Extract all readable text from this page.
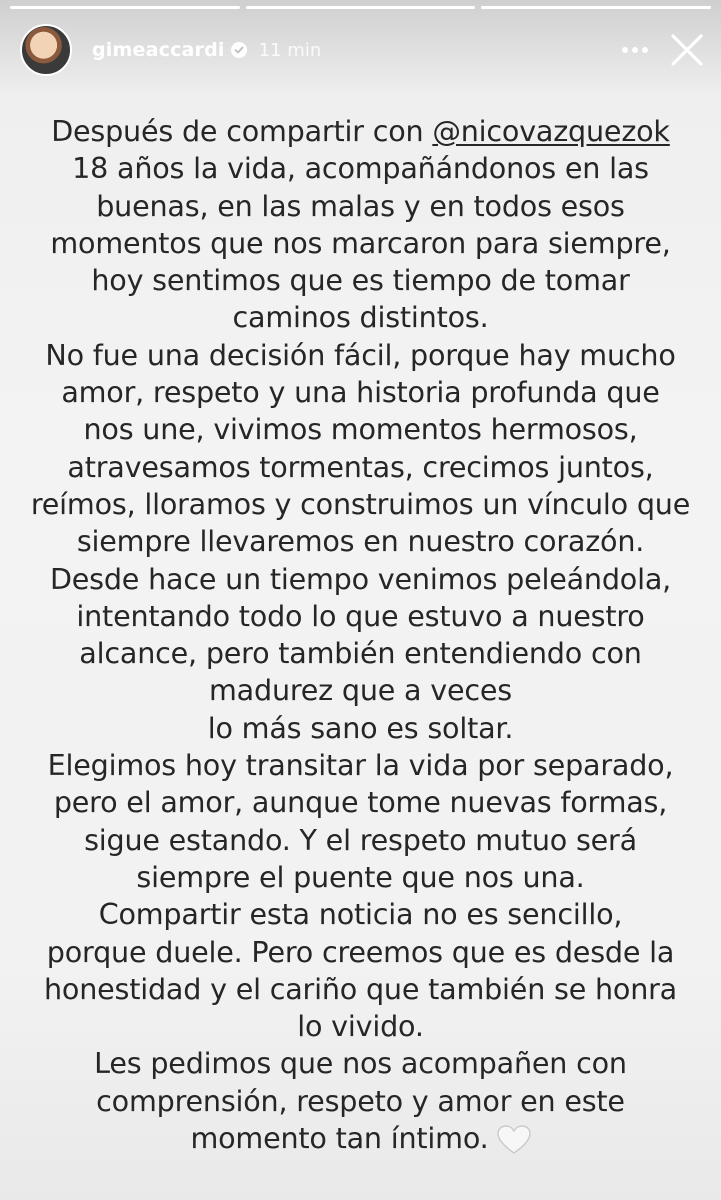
gimeaccardi 11 min
Después de compartir con @nicovazquezok
18 años la vida, acompañándonos en las
buenas, en las malas y en todos esos
momentos que nos marcaron para siempre,
hoy sentimos que es tiempo de tomar
caminos distintos.
No fue una decisión fácil, porque hay mucho
amor, respeto y una historia profunda que
nos une, vivimos momentos hermosos,
atravesamos tormentas, crecimos juntos,
reímos, lloramos y construimos un vínculo que
siempre llevaremos en nuestro corazón.
Desde hace un tiempo venimos peleándola,
intentando todo lo que estuvo a nuestro
alcance, pero también entendiendo con
madurez que a veces
lo más sano es soltar.
Elegimos hoy transitar la vida por separado,
pero el amor, aunque tome nuevas formas,
sigue estando. Y el respeto mutuo será
siempre el puente que nos una.
Compartir esta noticia no es sencillo,
porque duele. Pero creemos que es desde la
honestidad y el cariño que también se honra
lo vivido.
Les pedimos que nos acompañen con
comprensión, respeto y amor en este
momento tan íntimo.
